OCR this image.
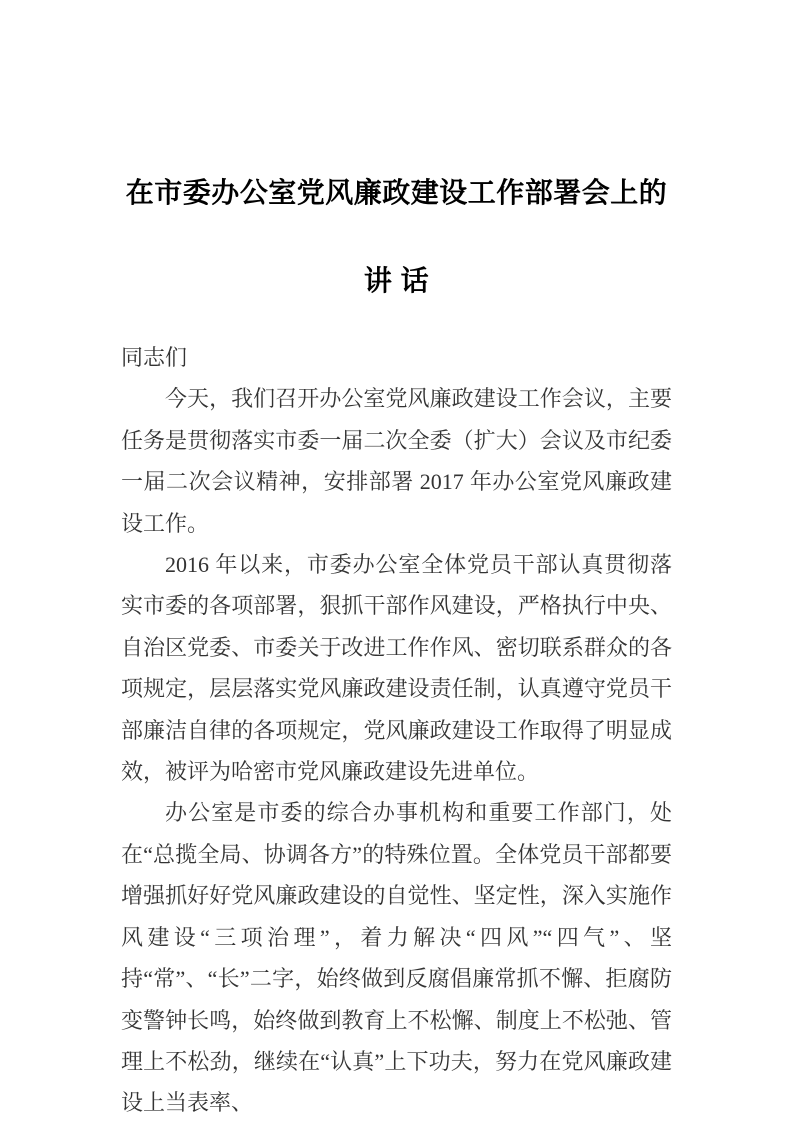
在市委办公室党风廉政建设工作部署会上的
讲 话

同志们

今天，我们召开办公室党风廉政建设工作会议，主要任务是贯彻落实市委一届二次全委（扩大）会议及市纪委一届二次会议精神，安排部署 2017 年办公室党风廉政建设工作。

2016 年以来，市委办公室全体党员干部认真贯彻落实市委的各项部署，狠抓干部作风建设，严格执行中央、自治区党委、市委关于改进工作作风、密切联系群众的各项规定，层层落实党风廉政建设责任制，认真遵守党员干部廉洁自律的各项规定，党风廉政建设工作取得了明显成效，被评为哈密市党风廉政建设先进单位。

办公室是市委的综合办事机构和重要工作部门，处在“总揽全局、协调各方”的特殊位置。全体党员干部都要增强抓好好党风廉政建设的自觉性、坚定性，深入实施作风建设“三项治理”，着力解决“四风”“四气”、坚持“常”、“长”二字，始终做到反腐倡廉常抓不懈、拒腐防变警钟长鸣，始终做到教育上不松懈、制度上不松弛、管理上不松劲，继续在“认真”上下功夫，努力在党风廉政建设上当表率、
